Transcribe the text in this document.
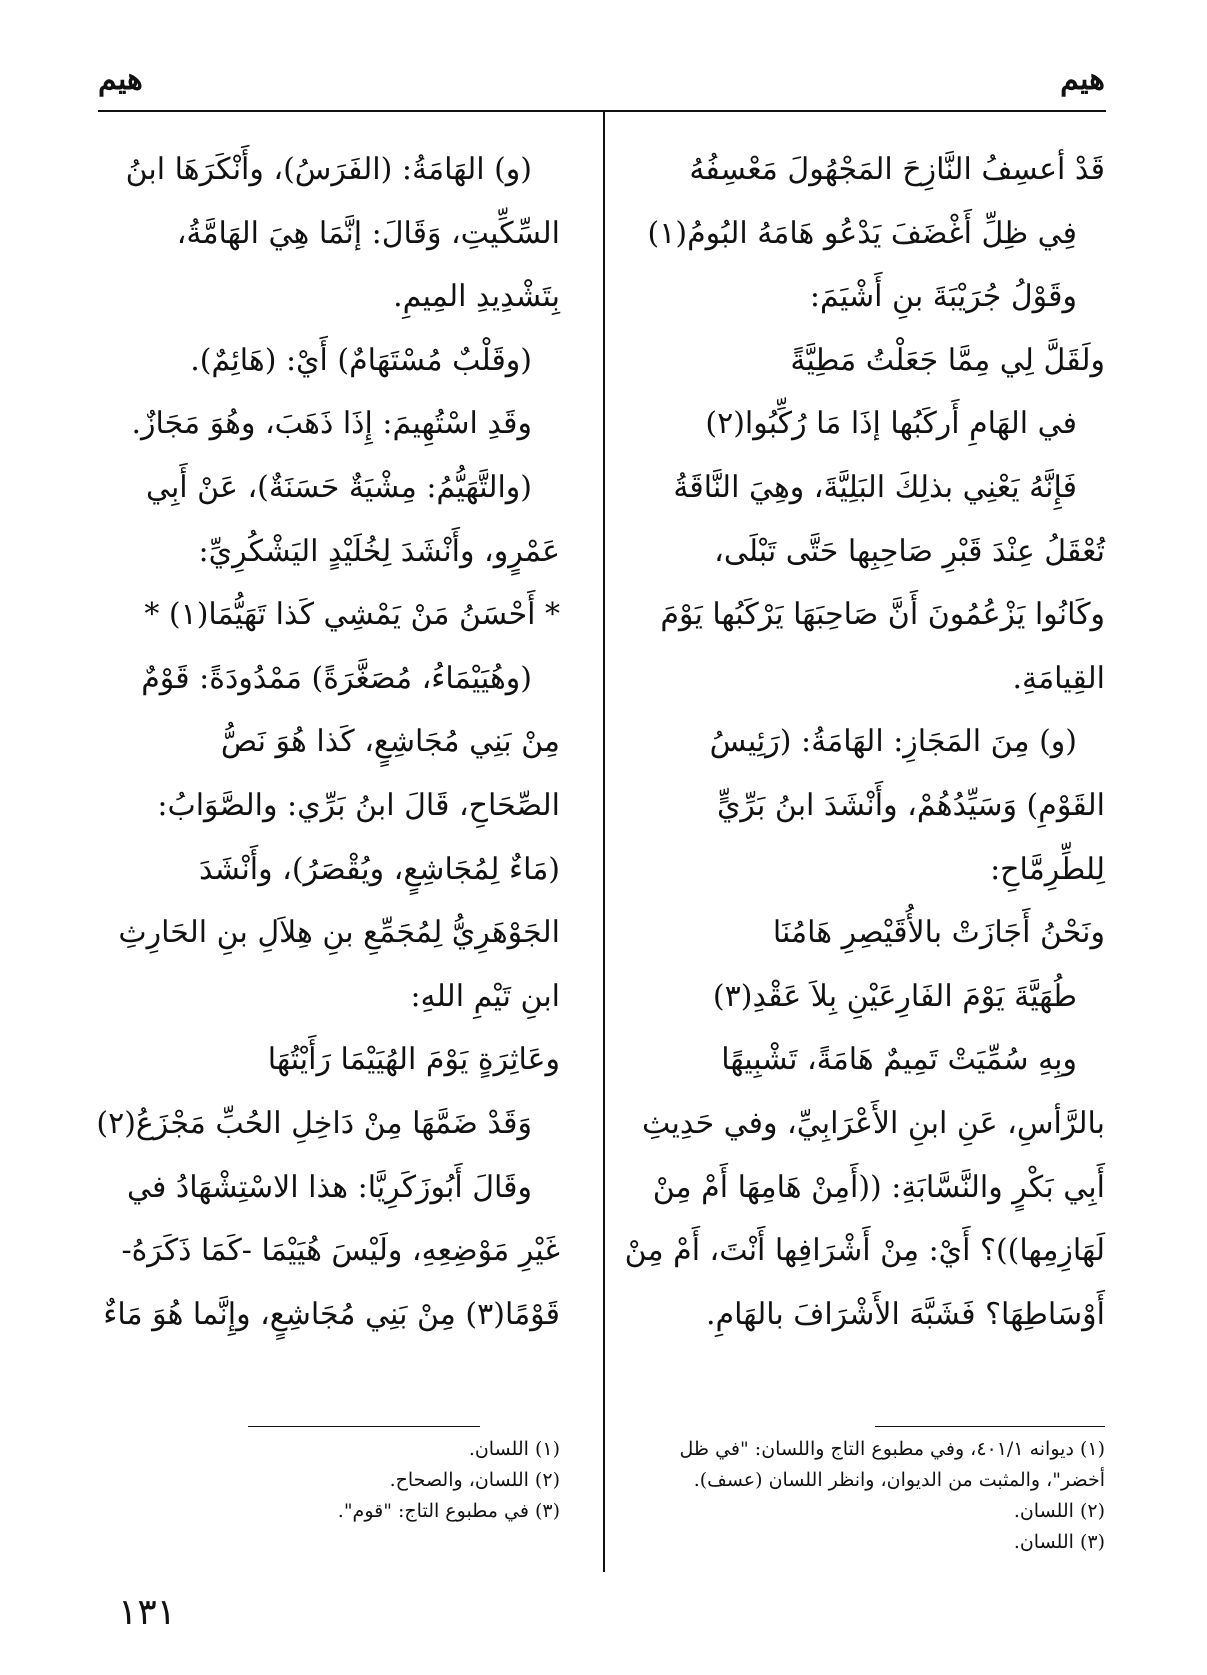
هيم
هيم
قَدْ أعسِفُ النَّازِحَ المَجْهُولَ مَعْسِفُهُ
فِي ظِلِّ أَغْضَفَ يَدْعُو هَامَهُ البُومُ(١)
وقَوْلُ جُرَيْبَةَ بنِ أَشْيَمَ:
ولَقَلَّ لِي مِمَّا جَعَلْتُ مَطِيَّةً
في الهَامِ أَركَبُها إذَا مَا رُكِّبُوا(٢)
فَإِنَّهُ يَعْنِي بذلِكَ البَلِيَّةَ، وهِيَ النَّاقَةُ
تُعْقَلُ عِنْدَ قَبْرِ صَاحِبِها حَتَّى تَبْلَى،
وكَانُوا يَزْعُمُونَ أَنَّ صَاحِبَهَا يَرْكَبُها يَوْمَ
القِيامَةِ.
(و) مِنَ المَجَازِ: الهَامَةُ: (رَئِيسُ
القَوْمِ) وَسَيِّدُهُمْ، وأَنْشَدَ ابنُ بَرِّيٍّ
لِلطِّرِمَّاحِ:
ونَحْنُ أَجَازَتْ بالأُقَيْصِرِ هَامُنَا
طُهَيَّةَ يَوْمَ الفَارِعَيْنِ بِلاَ عَقْدِ(٣)
وبِهِ سُمِّيَتْ تَمِيمٌ هَامَةً، تَشْبِيهًا
بالرَّأسِ، عَنِ ابنِ الأَعْرَابِيِّ، وفي حَدِيثِ
أَبِي بَكْرٍ والنَّسَّابَةِ: ((أَمِنْ هَامِهَا أَمْ مِنْ
لَهَازِمِها))؟ أَيْ: مِنْ أَشْرَافِها أَنْتَ، أَمْ مِنْ
أَوْسَاطِهَا؟ فَشَبَّهَ الأَشْرَافَ بالهَامِ.
(و) الهَامَةُ: (الفَرَسُ)، وأَنْكَرَهَا ابنُ
السِّكِّيتِ، وَقَالَ: إنَّمَا هِيَ الهَامَّةُ،
بِتَشْدِيدِ المِيمِ.
(وقَلْبٌ مُسْتَهَامٌ) أَيْ: (هَائِمٌ).
وقَدِ اسْتُهِيمَ: إِذَا ذَهَبَ، وهُوَ مَجَازٌ.
(والتَّهَيُّمُ: مِشْيَةٌ حَسَنَةٌ)، عَنْ أَبِي
عَمْرٍو، وأَنْشَدَ لِخُلَيْدٍ اليَشْكُرِيِّ:
* أَحْسَنُ مَنْ يَمْشِي كَذا تَهَيُّمَا(١) *
(وهُيَيْمَاءُ، مُصَغَّرَةً) مَمْدُودَةً: قَوْمٌ
مِنْ بَنِي مُجَاشِعٍ، كَذا هُوَ نَصُّ
الصِّحَاحِ، قَالَ ابنُ بَرِّي: والصَّوَابُ:
(مَاءٌ لِمُجَاشِعٍ، ويُقْصَرُ)، وأَنْشَدَ
الجَوْهَرِيُّ لِمُجَمِّعِ بنِ هِلاَلِ بنِ الحَارِثِ
ابنِ تَيْمِ اللهِ:
وعَاثِرَةٍ يَوْمَ الهُيَيْمَا رَأَيْتُهَا
وَقَدْ ضَمَّهَا مِنْ دَاخِلِ الحُبِّ مَجْزَعُ(٢)
وقَالَ أَبُوزَكَرِيَّا: هذا الاسْتِشْهَادُ في
غَيْرِ مَوْضِعِهِ، ولَيْسَ هُيَيْمَا -كَمَا ذَكَرَهُ-
قَوْمًا(٣) مِنْ بَنِي مُجَاشِعٍ، وإِنَّما هُوَ مَاءٌ
(١) ديوانه ٤٠١/١، وفي مطبوع التاج واللسان: "في ظل
أخضر"، والمثبت من الديوان، وانظر اللسان (عسف).
(٢) اللسان.
(٣) اللسان.
(١) اللسان.
(٢) اللسان، والصحاح.
(٣) في مطبوع التاج: "قوم".
١٣١
